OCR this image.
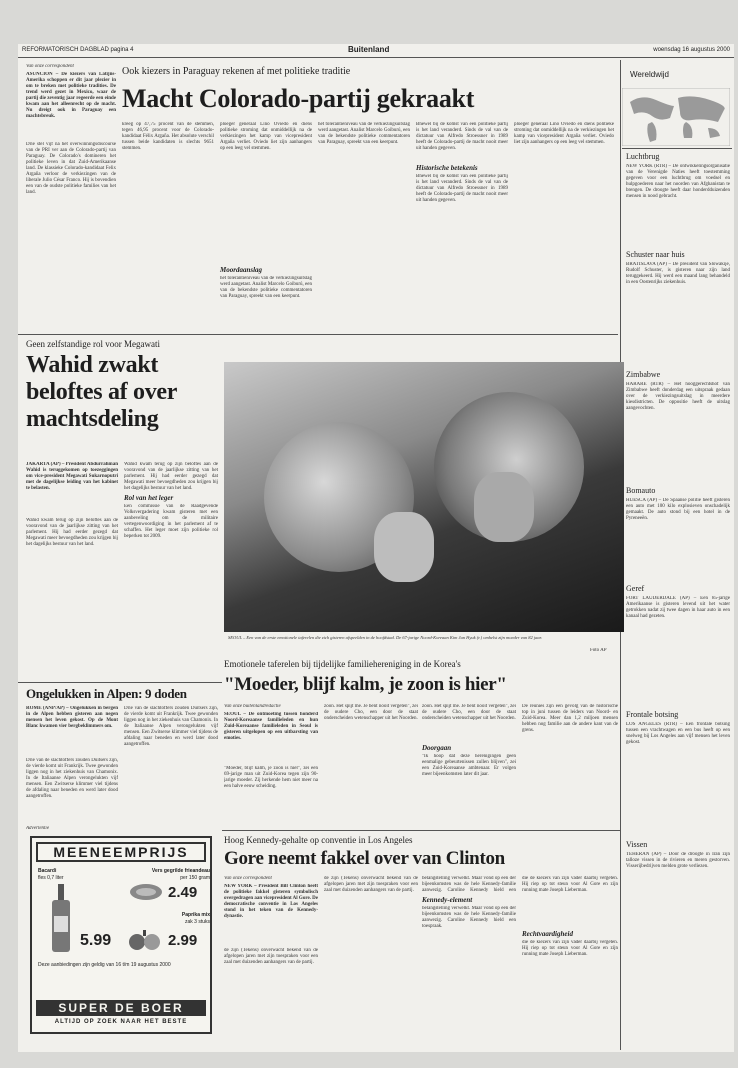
REFORMATORISCH DAGBLAD pagina 4	Buitenland	woensdag 16 augustus 2000
Van onze correspondent
ASUNCION – De kiezers van Latijns-Amerika schoppen er dit jaar plezier in om te breken met politieke tradities. De trend werd gezet in Mexico, waar de partij die zeventig jaar regeerde een einde kwam aan het alleenrecht op de macht. Nu dreigt ook in Paraguay een machtsbreuk.
Ook kiezers in Paraguay rekenen af met politieke traditie
Macht Colorado-partij gekraakt
Drie stel vijf na het overwinningsdiscourse van de PRI ver aan de Colorado-partij van Paraguay. De Colorado's domineren het politieke leven in dat Zuid-Amerikaanse land. De klassieke Colorado-kandidaat Felix Argaña verloor de verkiezingen van de liberale Julio César Franco. Hij is bovendien een van de oudste politieke families van het land.
kreeg op 47,75 procent van de stemmen, tegen 46,95 procent voor de Colorado-kandidaat Félix Argaña. Het absolute verschil tussen beide kandidaten is slechts 9651 stemmen.
ploeger generaal Lino Oviedo en diens politieke stroming dat onmiddellijk na de verkiezingen het kamp van vicepresident Argaña verliet. Oviedo liet zijn aanhangers op een leeg vel stemmen.
Moordaanslag
het tolerantieniveau van de verkiezingsuitslag werd aangetast. Analist Marcelo Goiburú, een van de bekendste politieke commentatoren van Paraguay, spreekt van een keerpunt.
het tolerantieniveau van de verkiezingsuitslag werd aangetast. Analist Marcelo Goiburú, een van de bekendste politieke commentatoren van Paraguay, spreekt van een keerpunt.
Historische betekenis
Bhewel bij de komst van een politieke partij is het land veranderd. Sinds de val van de dictatuur van Alfredo Stroessner in 1989 heeft de Colorado-partij de macht nooit meer uit handen gegeven.
Bhewel bij de komst van een politieke partij is het land veranderd. Sinds de val van de dictatuur van Alfredo Stroessner in 1989 heeft de Colorado-partij de macht nooit meer uit handen gegeven.
ploeger generaal Lino Oviedo en diens politieke stroming dat onmiddellijk na de verkiezingen het kamp van vicepresident Argaña verliet. Oviedo liet zijn aanhangers op een leeg vel stemmen.
Wereldwijd
Luchtbrug
NEW YORK (RTR) – De ontwikkelingsorganisatie van de Verenigde Naties heeft toestemming gegeven voor een luchtbrug om voedsel en hulpgoederen naar het noorden van Afghanistan te brengen. De droogte heeft daar honderdduizenden mensen in nood gebracht.
Schuster naar huis
BRATISLAVA (AP) – De president van Slowakije, Rudolf Schuster, is gisteren naar zijn land teruggekeerd. Hij werd een maand lang behandeld in een Oostenrijks ziekenhuis.
Zimbabwe
HARARE (RTR) – Het hooggerechtshof van Zimbabwe heeft donderdag een uitspraak gedaan over de verkiezingsuitslag in meerdere kiesdistricten. De oppositie heeft de uitslag aangevochten.
Bomauto
HUESCA (AP) – De Spaanse politie heeft gisteren een auto met 100 kilo explosieven onschadelijk gemaakt. De auto stond bij een hotel in de Pyreneeën.
Geref
FORT LAUDERDALE (AP) – Een 85-jarige Amerikaanse is gisteren levend uit het water getrokken nadat zij twee dagen in haar auto in een kanaal had gezeten.
Frontale botsing
LOS ANGELES (RTR) – Een frontale botsing tussen een vrachtwagen en een bus heeft op een snelweg bij Los Angeles aan vijf mensen het leven gekost.
Vissen
TEHERAN (AP) – Door de droogte in Iran zijn talloze vissen in de rivieren en meren gestorven. Visserijbedrijven melden grote verliezen.
Geen zelfstandige rol voor Megawati
Wahid zwakt beloftes af over machtsdeling
JAKARTA (AP) – President Abdurrahman Wahid is teruggekomen op toezeggingen om vice-president Megawati Sukarnoputri met de dagelijkse leiding van het kabinet te belasten.
Wahid kwam terug op zijn beloftes aan de vooravond van de jaarlijkse zitting van het parlement. Hij had eerder gezegd dat Megawati meer bevoegdheden zou krijgen bij het dagelijks bestuur van het land.
Wahid kwam terug op zijn beloftes aan de vooravond van de jaarlijkse zitting van het parlement. Hij had eerder gezegd dat Megawati meer bevoegdheden zou krijgen bij het dagelijks bestuur van het land.
Rol van het leger
Een commissie van de Raadgevende Volksvergadering kwam gisteren met een aanbeveling om de militaire vertegenwoordiging in het parlement af te schaffen. Het leger moet zijn politieke rol beperken tot 2009.
SEOUL – Een van de erste emotionele taferelen die zich gisteren afspeelden in de hoofdstad. De 67-jarige Noord-Koreaan Kim Jun Hyuk (r.) omhelst zijn moeder van 82 jaar.
Foto AP
Emotionele taferelen bij tijdelijke familiehereniging in de Korea's
"Moeder, blijf kalm, je zoon is hier"
Van onze buitenlandredactie
SEOUL – De ontmoeting tussen honderd Noord-Koreaanse familieleden en hun Zuid-Koreaanse familieleden in Seoul is gisteren uitgelopen op een uitbarsting van emoties.
"Moeder, blijf kalm, je zoon is hier", zei een 69-jarige man uit Zuid-Korea tegen zijn 90-jarige moeder. Zij herkende hem niet meer na een halve eeuw scheiding.
zoon. Het spijt me. Je bent nooit vergeten", zei de oudere Cho, een door de staat onderscheiden wetenschapper uit het Noorden.
Doorgaan
zoon. Het spijt me. Je bent nooit vergeten", zei de oudere Cho, een door de staat onderscheiden wetenschapper uit het Noorden.
"Ik hoop dat deze herenigingen geen eenmalige gebeurtenissen zullen blijven", zei een Zuid-Koreaanse ambtenaar. Er volgen meer bijeenkomsten later dit jaar.
De reünies zijn een gevolg van de historische top in juni tussen de leiders van Noord- en Zuid-Korea. Meer dan 1,2 miljoen mensen hebben nog familie aan de andere kant van de grens.
Ongelukken in Alpen: 9 doden
ROME (ANP/AP) – Ongelukken in bergen in de Alpen hebben gisteren aan negen mensen het leven gekost. Op de Mont Blanc kwamen vier bergbeklimmers om.
Drie van de slachtoffers zouden Duitsers zijn, de vierde komt uit Frankrijk. Twee gewonden liggen nog in het ziekenhuis van Chamonix. In de Italiaanse Alpen verongelukten vijf mensen. Een Zwitserse klimmer viel tijdens de afdaling naar beneden en werd later dood aangetroffen.
Drie van de slachtoffers zouden Duitsers zijn, de vierde komt uit Frankrijk. Twee gewonden liggen nog in het ziekenhuis van Chamonix. In de Italiaanse Alpen verongelukten vijf mensen. Een Zwitserse klimmer viel tijdens de afdaling naar beneden en werd later dood aangetroffen.
Advertentie
MEENEEMPRIJS
Bacardi
fles 0,7 liter
5.99
Vers gegrilde frieandeau
per 150 gram
2.49
Paprika mix
zak 3 stuks
2.99
Deze aanbiedingen zijn geldig van 16 t/m 19 augustus 2000
SUPER DE BOER
ALTIJD OP ZOEK NAAR HET BESTE
Hoog Kennedy-gehalte op conventie in Los Angeles
Gore neemt fakkel over van Clinton
Van onze correspondent
NEW YORK – President Bill Clinton heeft de politieke fakkel gisteren symbolisch overgedragen aan vicepresident Al Gore. De democratische conventie in Los Angeles stond in het teken van de Kennedy-dynastie.
de zijn (Tekens) onverwacht bekend van de afgelopen jaren met zijn toespraken voor een zaal met duizenden aanhangers van de partij.
de zijn (Tekens) onverwacht bekend van de afgelopen jaren met zijn toespraken voor een zaal met duizenden aanhangers van de partij.
belangstelling verwelkt. Maar vond op een der bijeenkomsten was de hele Kennedy-familie aanwezig. Caroline Kennedy hield een
Kennedy-element
belangstelling verwelkt. Maar vond op een der bijeenkomsten was de hele Kennedy-familie aanwezig. Caroline Kennedy hield een toespraak.
die de kiezers van zijn vader daarbij vergeten. Hij riep op tot steun voor Al Gore en zijn running mate Joseph Lieberman.
Rechtvaardigheid
die de kiezers van zijn vader daarbij vergeten. Hij riep op tot steun voor Al Gore en zijn running mate Joseph Lieberman.
